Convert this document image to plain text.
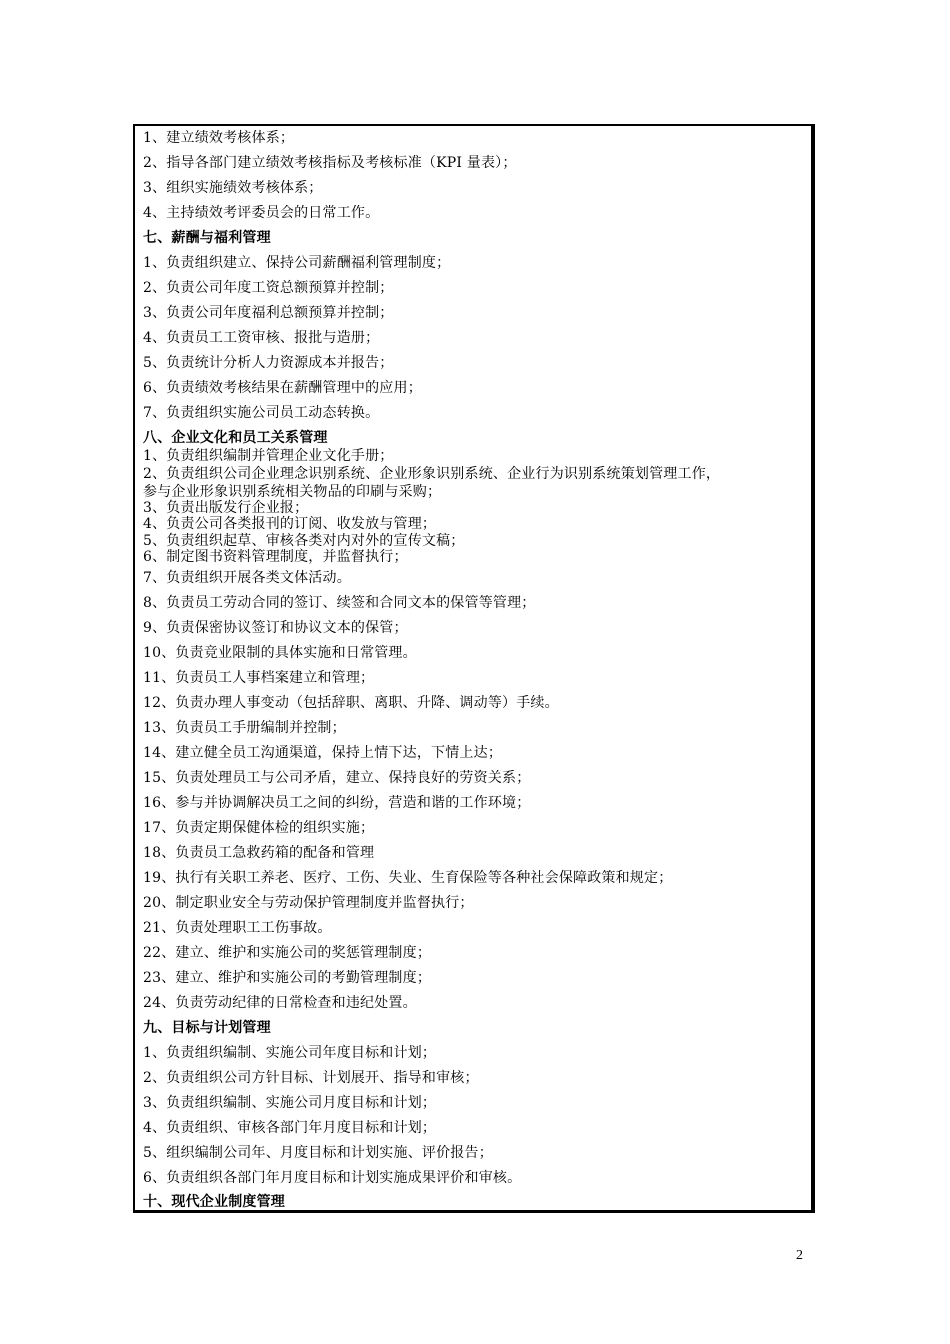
1、建立绩效考核体系；
2、指导各部门建立绩效考核指标及考核标准（KPI 量表）；
3、组织实施绩效考核体系；
4、主持绩效考评委员会的日常工作。
七、薪酬与福利管理
1、负责组织建立、保持公司薪酬福利管理制度；
2、负责公司年度工资总额预算并控制；
3、负责公司年度福利总额预算并控制；
4、负责员工工资审核、报批与造册；
5、负责统计分析人力资源成本并报告；
6、负责绩效考核结果在薪酬管理中的应用；
7、负责组织实施公司员工动态转换。
八、企业文化和员工关系管理
1、负责组织编制并管理企业文化手册；
2、负责组织公司企业理念识别系统、企业形象识别系统、企业行为识别系统策划管理工作，
参与企业形象识别系统相关物品的印刷与采购；
3、负责出版发行企业报；
4、负责公司各类报刊的订阅、收发放与管理；
5、负责组织起草、审核各类对内对外的宣传文稿；
6、制定图书资料管理制度，并监督执行；
7、负责组织开展各类文体活动。
8、负责员工劳动合同的签订、续签和合同文本的保管等管理；
9、负责保密协议签订和协议文本的保管；
10、负责竞业限制的具体实施和日常管理。
11、负责员工人事档案建立和管理；
12、负责办理人事变动（包括辞职、离职、升降、调动等）手续。
13、负责员工手册编制并控制；
14、建立健全员工沟通渠道，保持上情下达，下情上达；
15、负责处理员工与公司矛盾，建立、保持良好的劳资关系；
16、参与并协调解决员工之间的纠纷，营造和谐的工作环境；
17、负责定期保健体检的组织实施；
18、负责员工急救药箱的配备和管理
19、执行有关职工养老、医疗、工伤、失业、生育保险等各种社会保障政策和规定；
20、制定职业安全与劳动保护管理制度并监督执行；
21、负责处理职工工伤事故。
22、建立、维护和实施公司的奖惩管理制度；
23、建立、维护和实施公司的考勤管理制度；
24、负责劳动纪律的日常检查和违纪处置。
九、目标与计划管理
1、负责组织编制、实施公司年度目标和计划；
2、负责组织公司方针目标、计划展开、指导和审核；
3、负责组织编制、实施公司月度目标和计划；
4、负责组织、审核各部门年月度目标和计划；
5、组织编制公司年、月度目标和计划实施、评价报告；
6、负责组织各部门年月度目标和计划实施成果评价和审核。
十、现代企业制度管理
2
